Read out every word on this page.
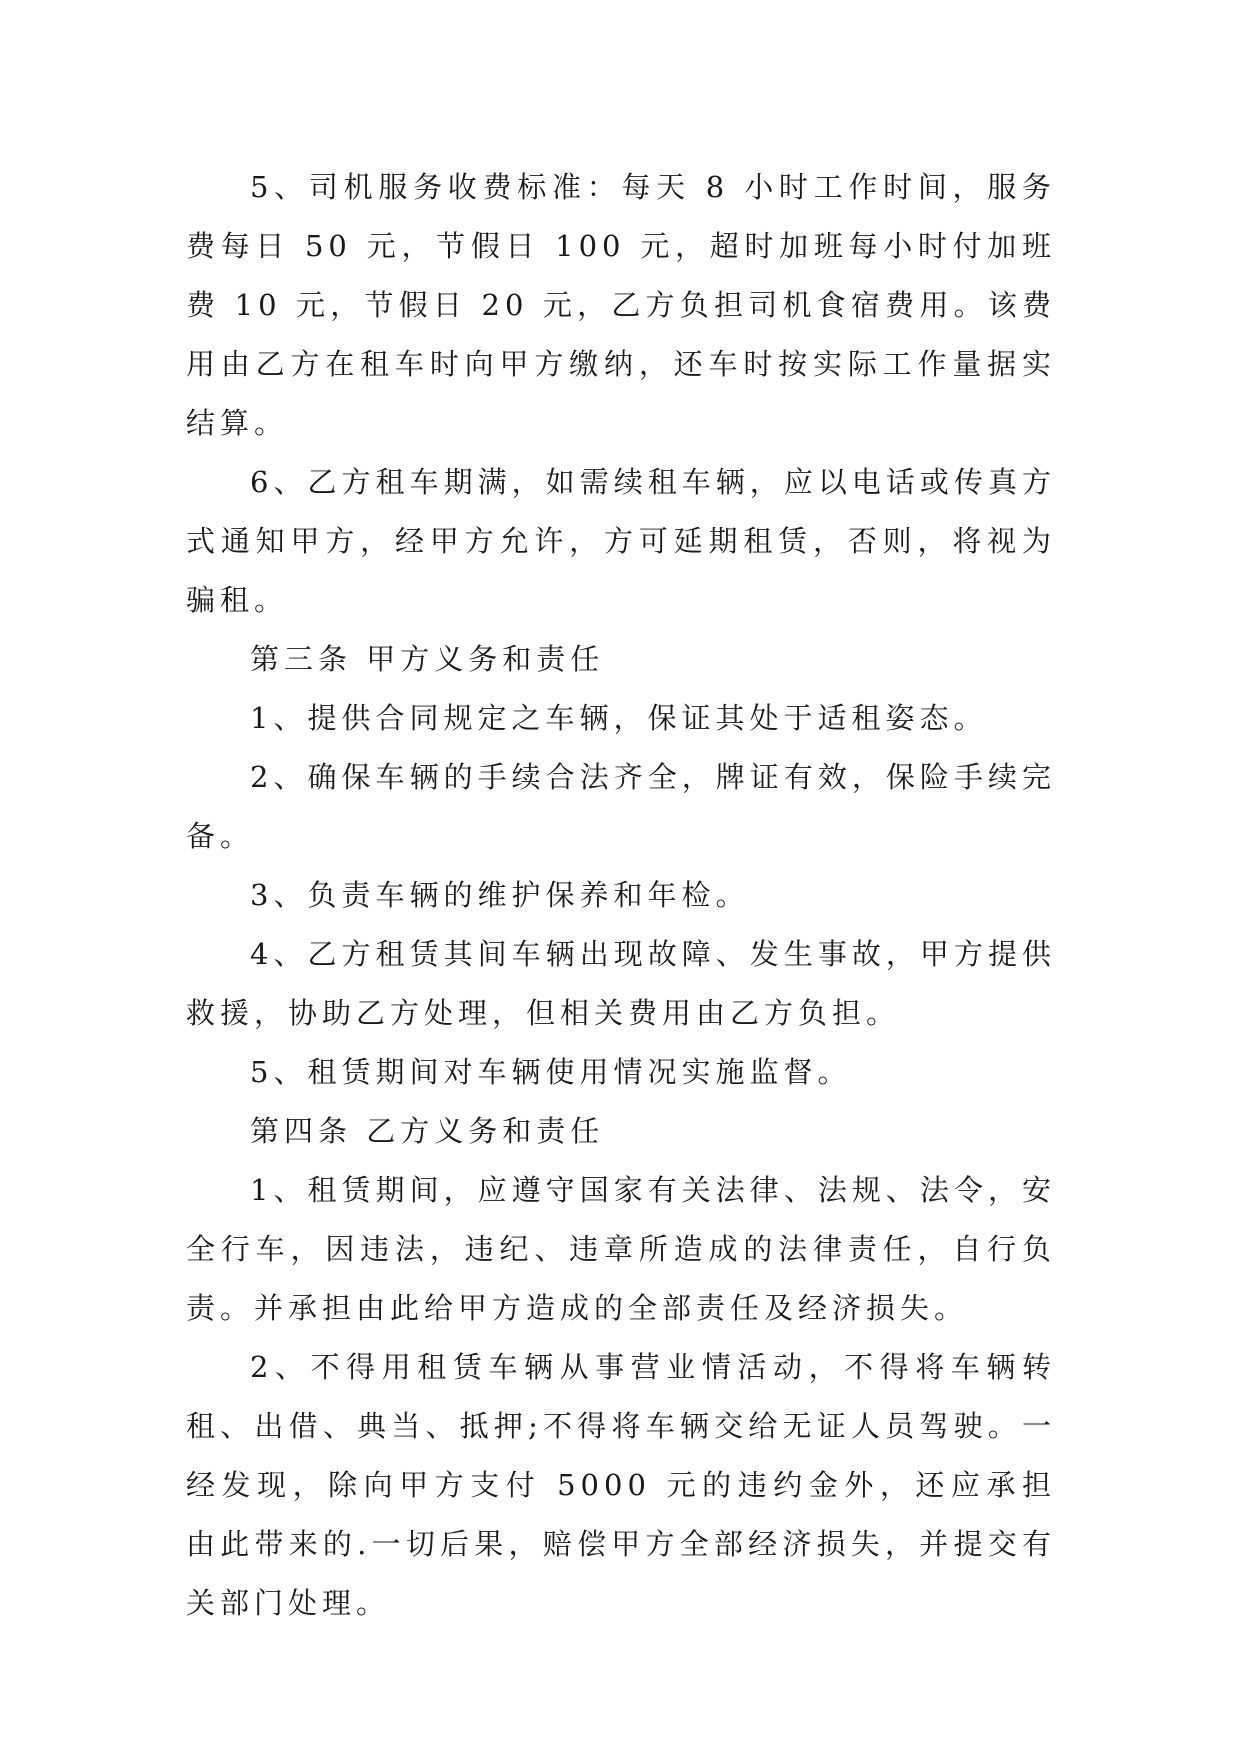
5、司机服务收费标准：每天 8 小时工作时间，服务费每日 50 元，节假日 100 元，超时加班每小时付加班费 10 元，节假日 20 元，乙方负担司机食宿费用。该费用由乙方在租车时向甲方缴纳，还车时按实际工作量据实结算。

6、乙方租车期满，如需续租车辆，应以电话或传真方式通知甲方，经甲方允许，方可延期租赁，否则，将视为骗租。

第三条 甲方义务和责任

1、提供合同规定之车辆，保证其处于适租姿态。

2、确保车辆的手续合法齐全，牌证有效，保险手续完备。

3、负责车辆的维护保养和年检。

4、乙方租赁其间车辆出现故障、发生事故，甲方提供救援，协助乙方处理，但相关费用由乙方负担。

5、租赁期间对车辆使用情况实施监督。

第四条 乙方义务和责任

1、租赁期间，应遵守国家有关法律、法规、法令，安全行车，因违法，违纪、违章所造成的法律责任，自行负责。并承担由此给甲方造成的全部责任及经济损失。

2、不得用租赁车辆从事营业情活动，不得将车辆转租、出借、典当、抵押;不得将车辆交给无证人员驾驶。一经发现，除向甲方支付 5000 元的违约金外，还应承担由此带来的.一切后果，赔偿甲方全部经济损失，并提交有关部门处理。
